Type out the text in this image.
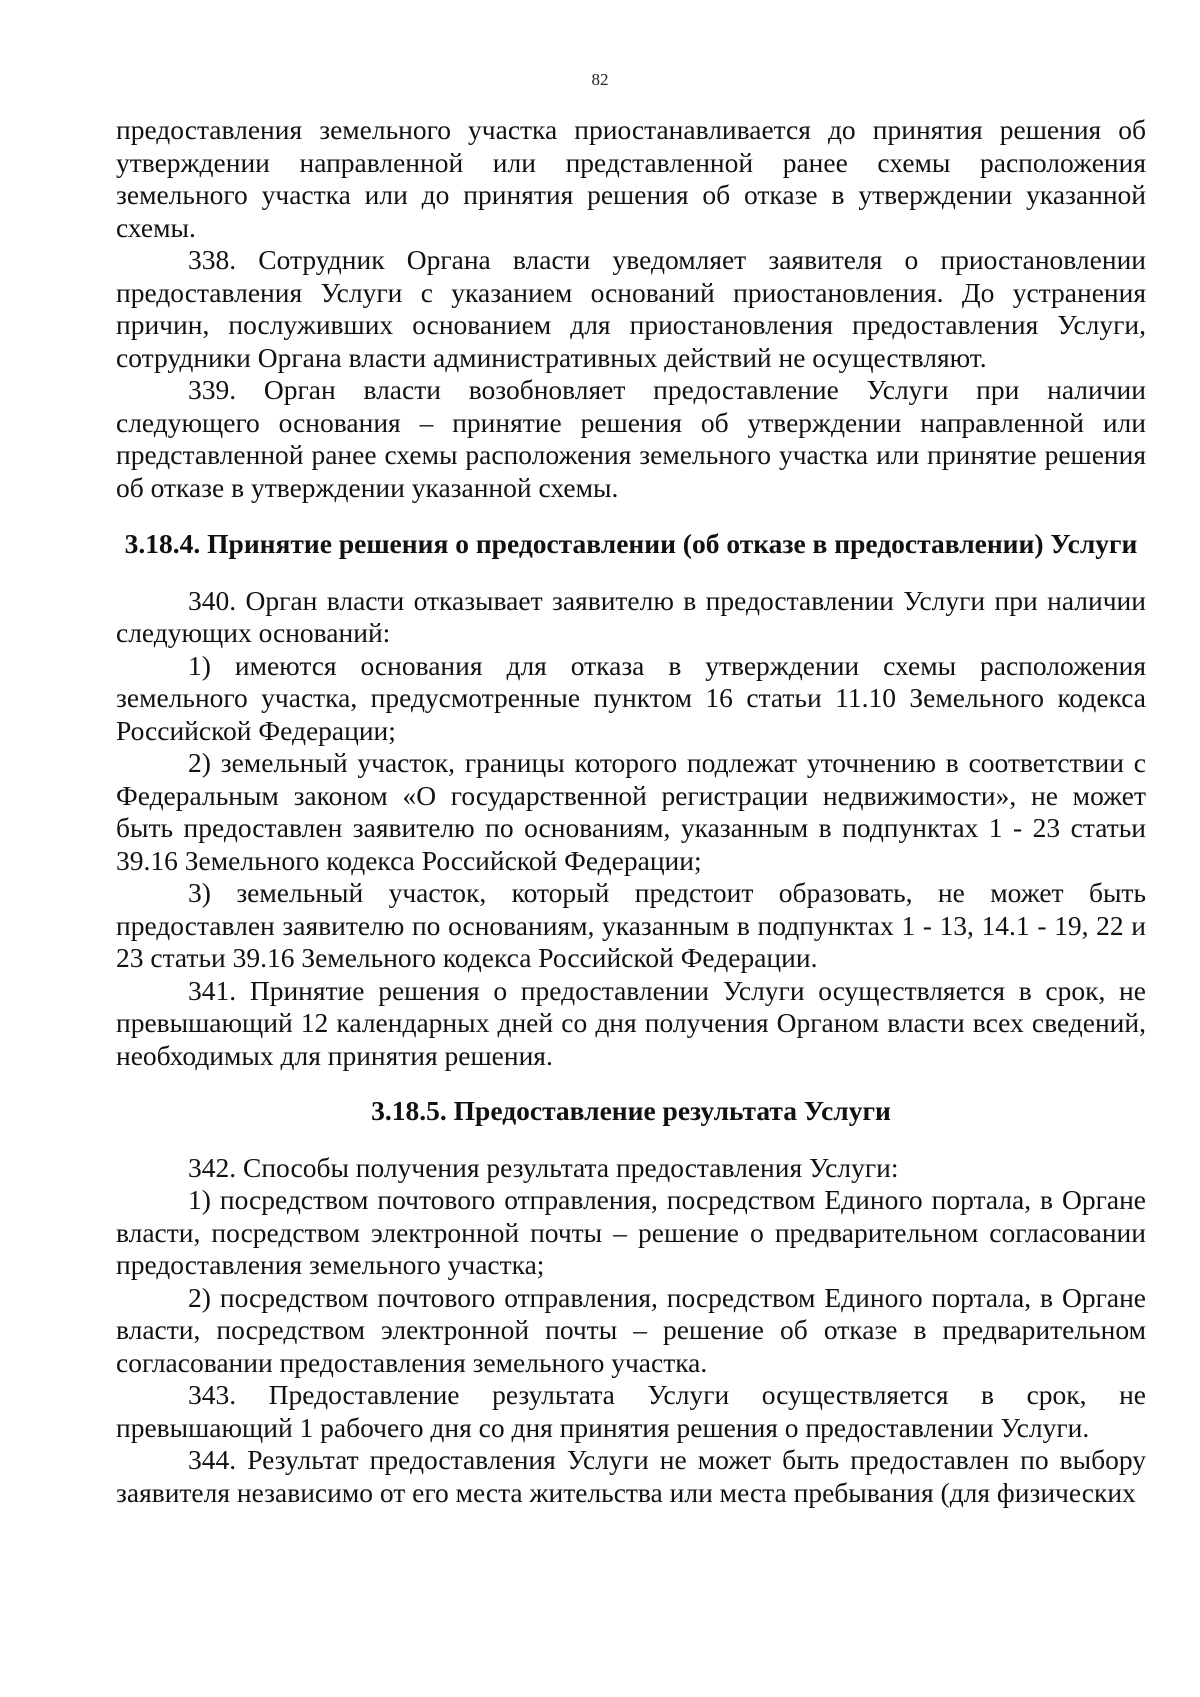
82

предоставления земельного участка приостанавливается до принятия решения об утверждении направленной или представленной ранее схемы расположения земельного участка или до принятия решения об отказе в утверждении указанной схемы.

338. Сотрудник Органа власти уведомляет заявителя о приостановлении предоставления Услуги с указанием оснований приостановления. До устранения причин, послуживших основанием для приостановления предоставления Услуги, сотрудники Органа власти административных действий не осуществляют.

339. Орган власти возобновляет предоставление Услуги при наличии следующего основания – принятие решения об утверждении направленной или представленной ранее схемы расположения земельного участка или принятие решения об отказе в утверждении указанной схемы.

3.18.4. Принятие решения о предоставлении (об отказе в предоставлении) Услуги

340. Орган власти отказывает заявителю в предоставлении Услуги при наличии следующих оснований:

1) имеются основания для отказа в утверждении схемы расположения земельного участка, предусмотренные пунктом 16 статьи 11.10 Земельного кодекса Российской Федерации;

2) земельный участок, границы которого подлежат уточнению в соответствии с Федеральным законом «О государственной регистрации недвижимости», не может быть предоставлен заявителю по основаниям, указанным в подпунктах 1 - 23 статьи 39.16 Земельного кодекса Российской Федерации;

3) земельный участок, который предстоит образовать, не может быть предоставлен заявителю по основаниям, указанным в подпунктах 1 - 13, 14.1 - 19, 22 и 23 статьи 39.16 Земельного кодекса Российской Федерации.

341. Принятие решения о предоставлении Услуги осуществляется в срок, не превышающий 12 календарных дней со дня получения Органом власти всех сведений, необходимых для принятия решения.

3.18.5. Предоставление результата Услуги

342. Способы получения результата предоставления Услуги:

1) посредством почтового отправления, посредством Единого портала, в Органе власти, посредством электронной почты – решение о предварительном согласовании предоставления земельного участка;

2) посредством почтового отправления, посредством Единого портала, в Органе власти, посредством электронной почты – решение об отказе в предварительном согласовании предоставления земельного участка.

343. Предоставление результата Услуги осуществляется в срок, не превышающий 1 рабочего дня со дня принятия решения о предоставлении Услуги.

344. Результат предоставления Услуги не может быть предоставлен по выбору заявителя независимо от его места жительства или места пребывания (для физических
